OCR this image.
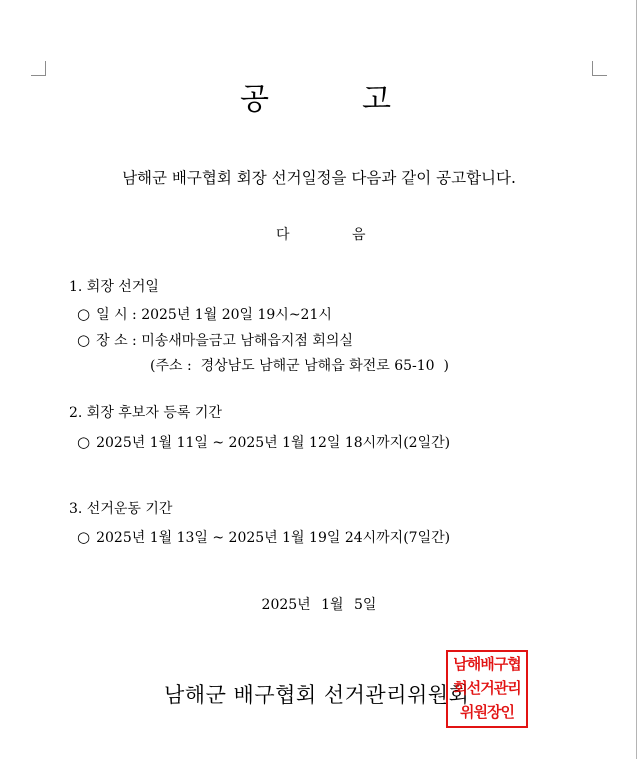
공	고
남해군 배구협회 회장 선거일정을 다음과 같이 공고합니다.
다	음
1. 회장 선거일
○ 일 시 : 2025년 1월 20일 19시~21시
○ 장 소 : 미송새마을금고 남해읍지점 회의실
(주소 :  경상남도 남해군 남해읍 화전로 65-10  )
2. 회장 후보자 등록 기간
○ 2025년 1월 11일 ~ 2025년 1월 12일 18시까지(2일간)
3. 선거운동 기간
○ 2025년 1월 13일 ~ 2025년 1월 19일 24시까지(7일간)
2025년 1월 5일
남해군 배구협회 선거관리위원회
남해배구협
회선거관리
위원장인
